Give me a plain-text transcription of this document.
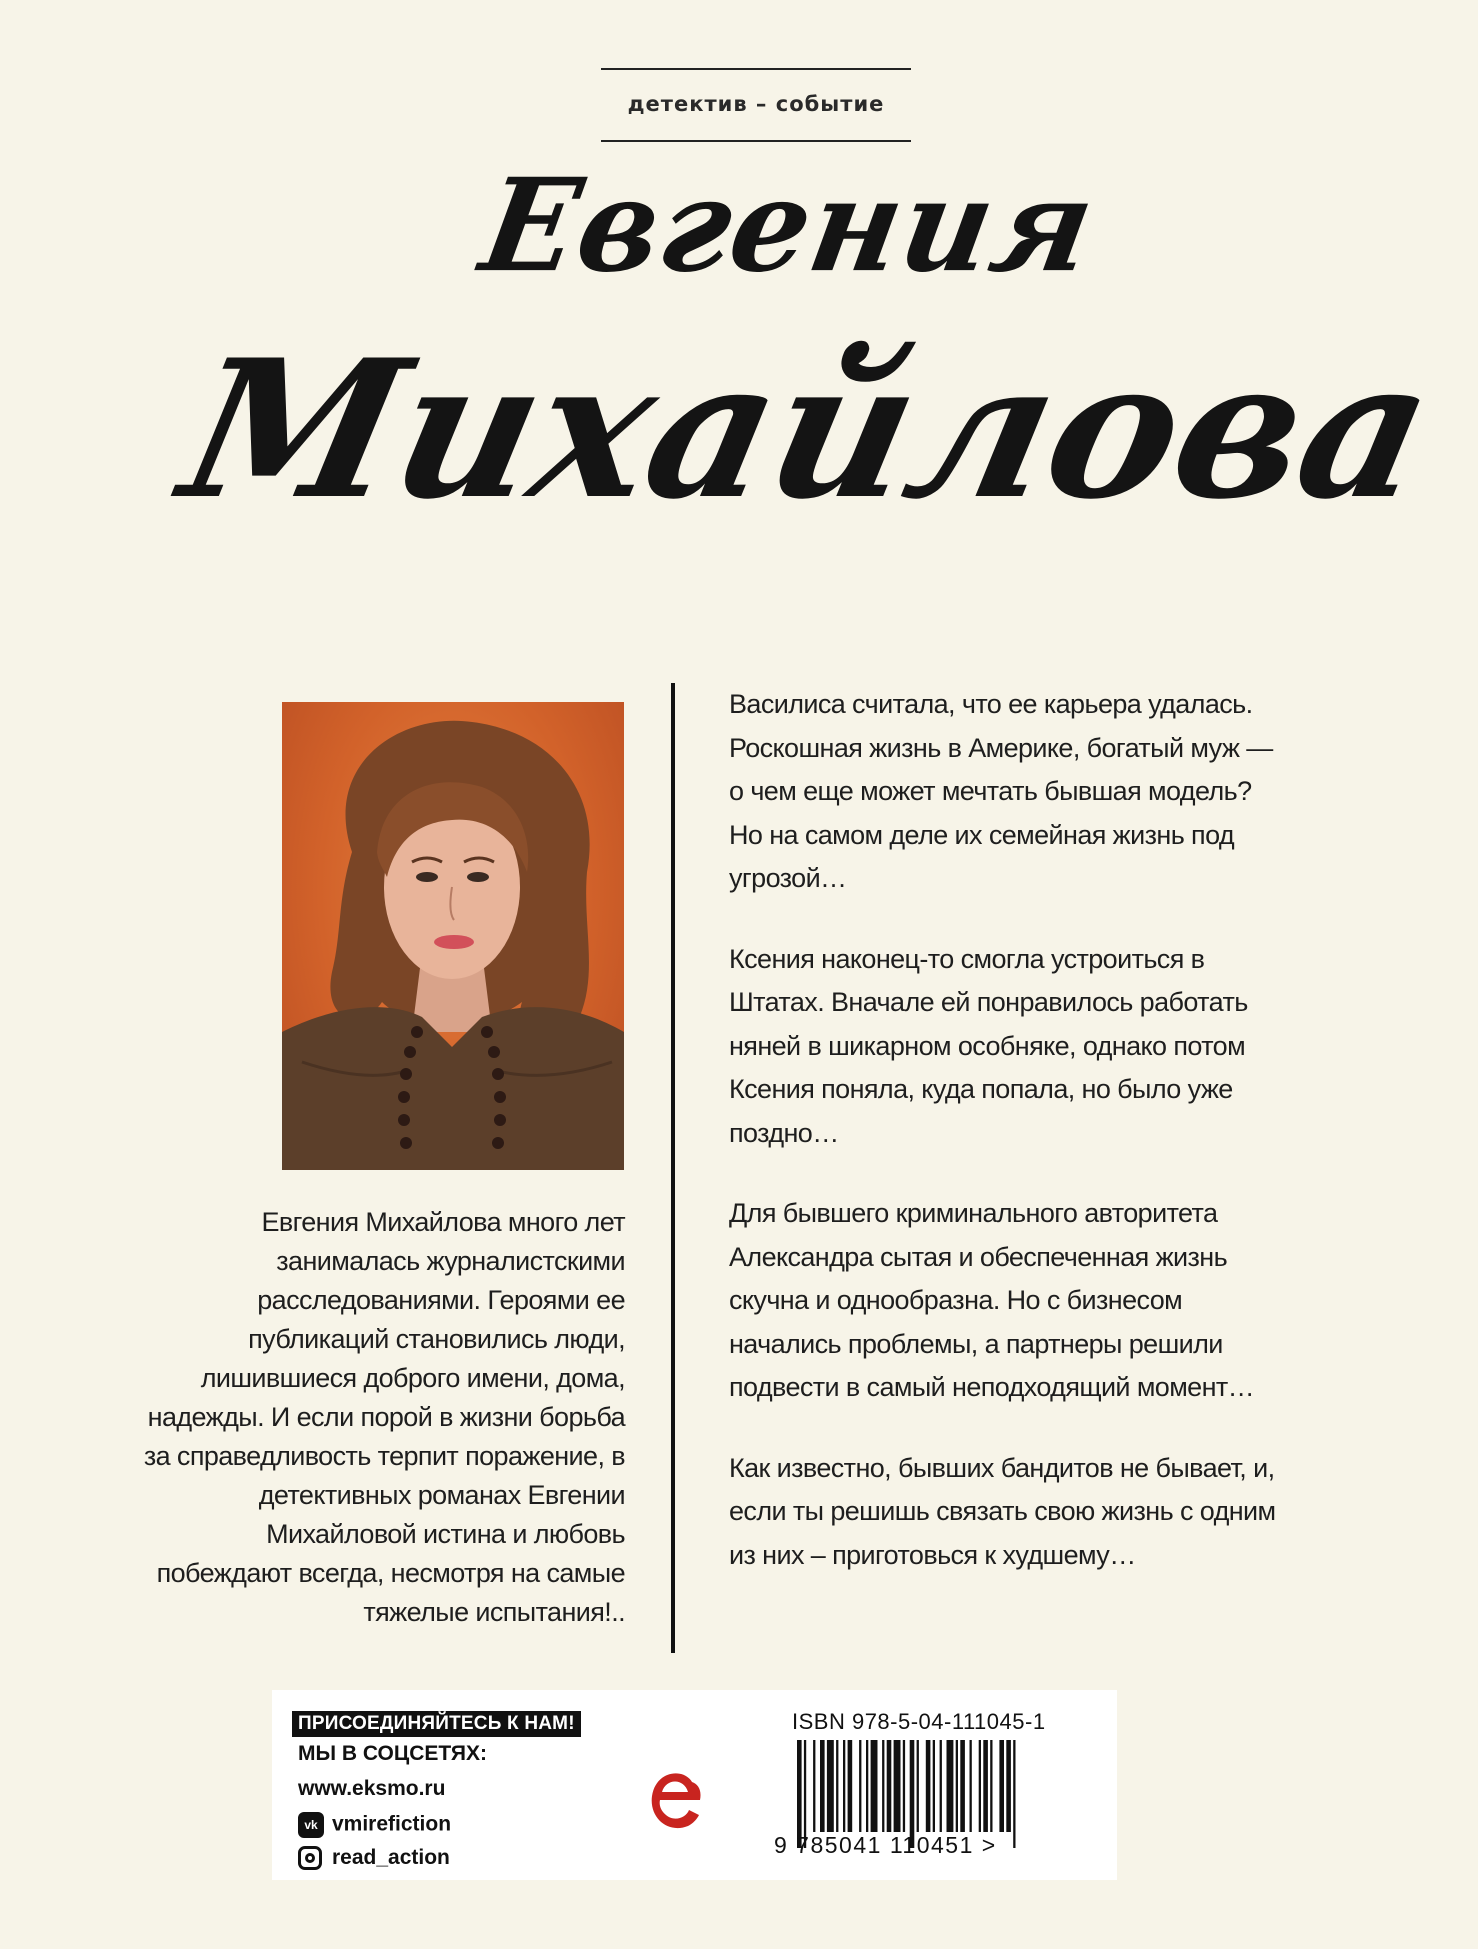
детектив – событие
Евгения
Михайлова
Евгения Михайлова много лет занималась журналистскими расследованиями. Героями ее публикаций становились люди, лишившиеся доброго имени, дома, надежды. И если порой в жизни борьба за справедливость терпит поражение, в детективных романах Евгении Михайловой истина и любовь побеждают всегда, несмотря на самые тяжелые испытания!..

Василиса считала, что ее карьера удалась. Роскошная жизнь в Америке, богатый муж — о чем еще может мечтать бывшая модель? Но на самом деле их семейная жизнь под угрозой…

Ксения наконец-то смогла устроиться в Штатах. Вначале ей понравилось работать няней в шикарном особняке, однако потом Ксения поняла, куда попала, но было уже поздно…

Для бывшего криминального авторитета Александра сытая и обеспеченная жизнь скучна и однообразна. Но с бизнесом начались проблемы, а партнеры решили подвести в самый неподходящий момент…

Как известно, бывших бандитов не бывает, и, если ты решишь связать свою жизнь с одним из них – приготовься к худшему…

ПРИСОЕДИНЯЙТЕСЬ К НАМ!
МЫ В СОЦСЕТЯХ:
www.eksmo.ru
vk vmirefiction
read_action
ISBN 978-5-04-111045-1
9 785041 110451 >
